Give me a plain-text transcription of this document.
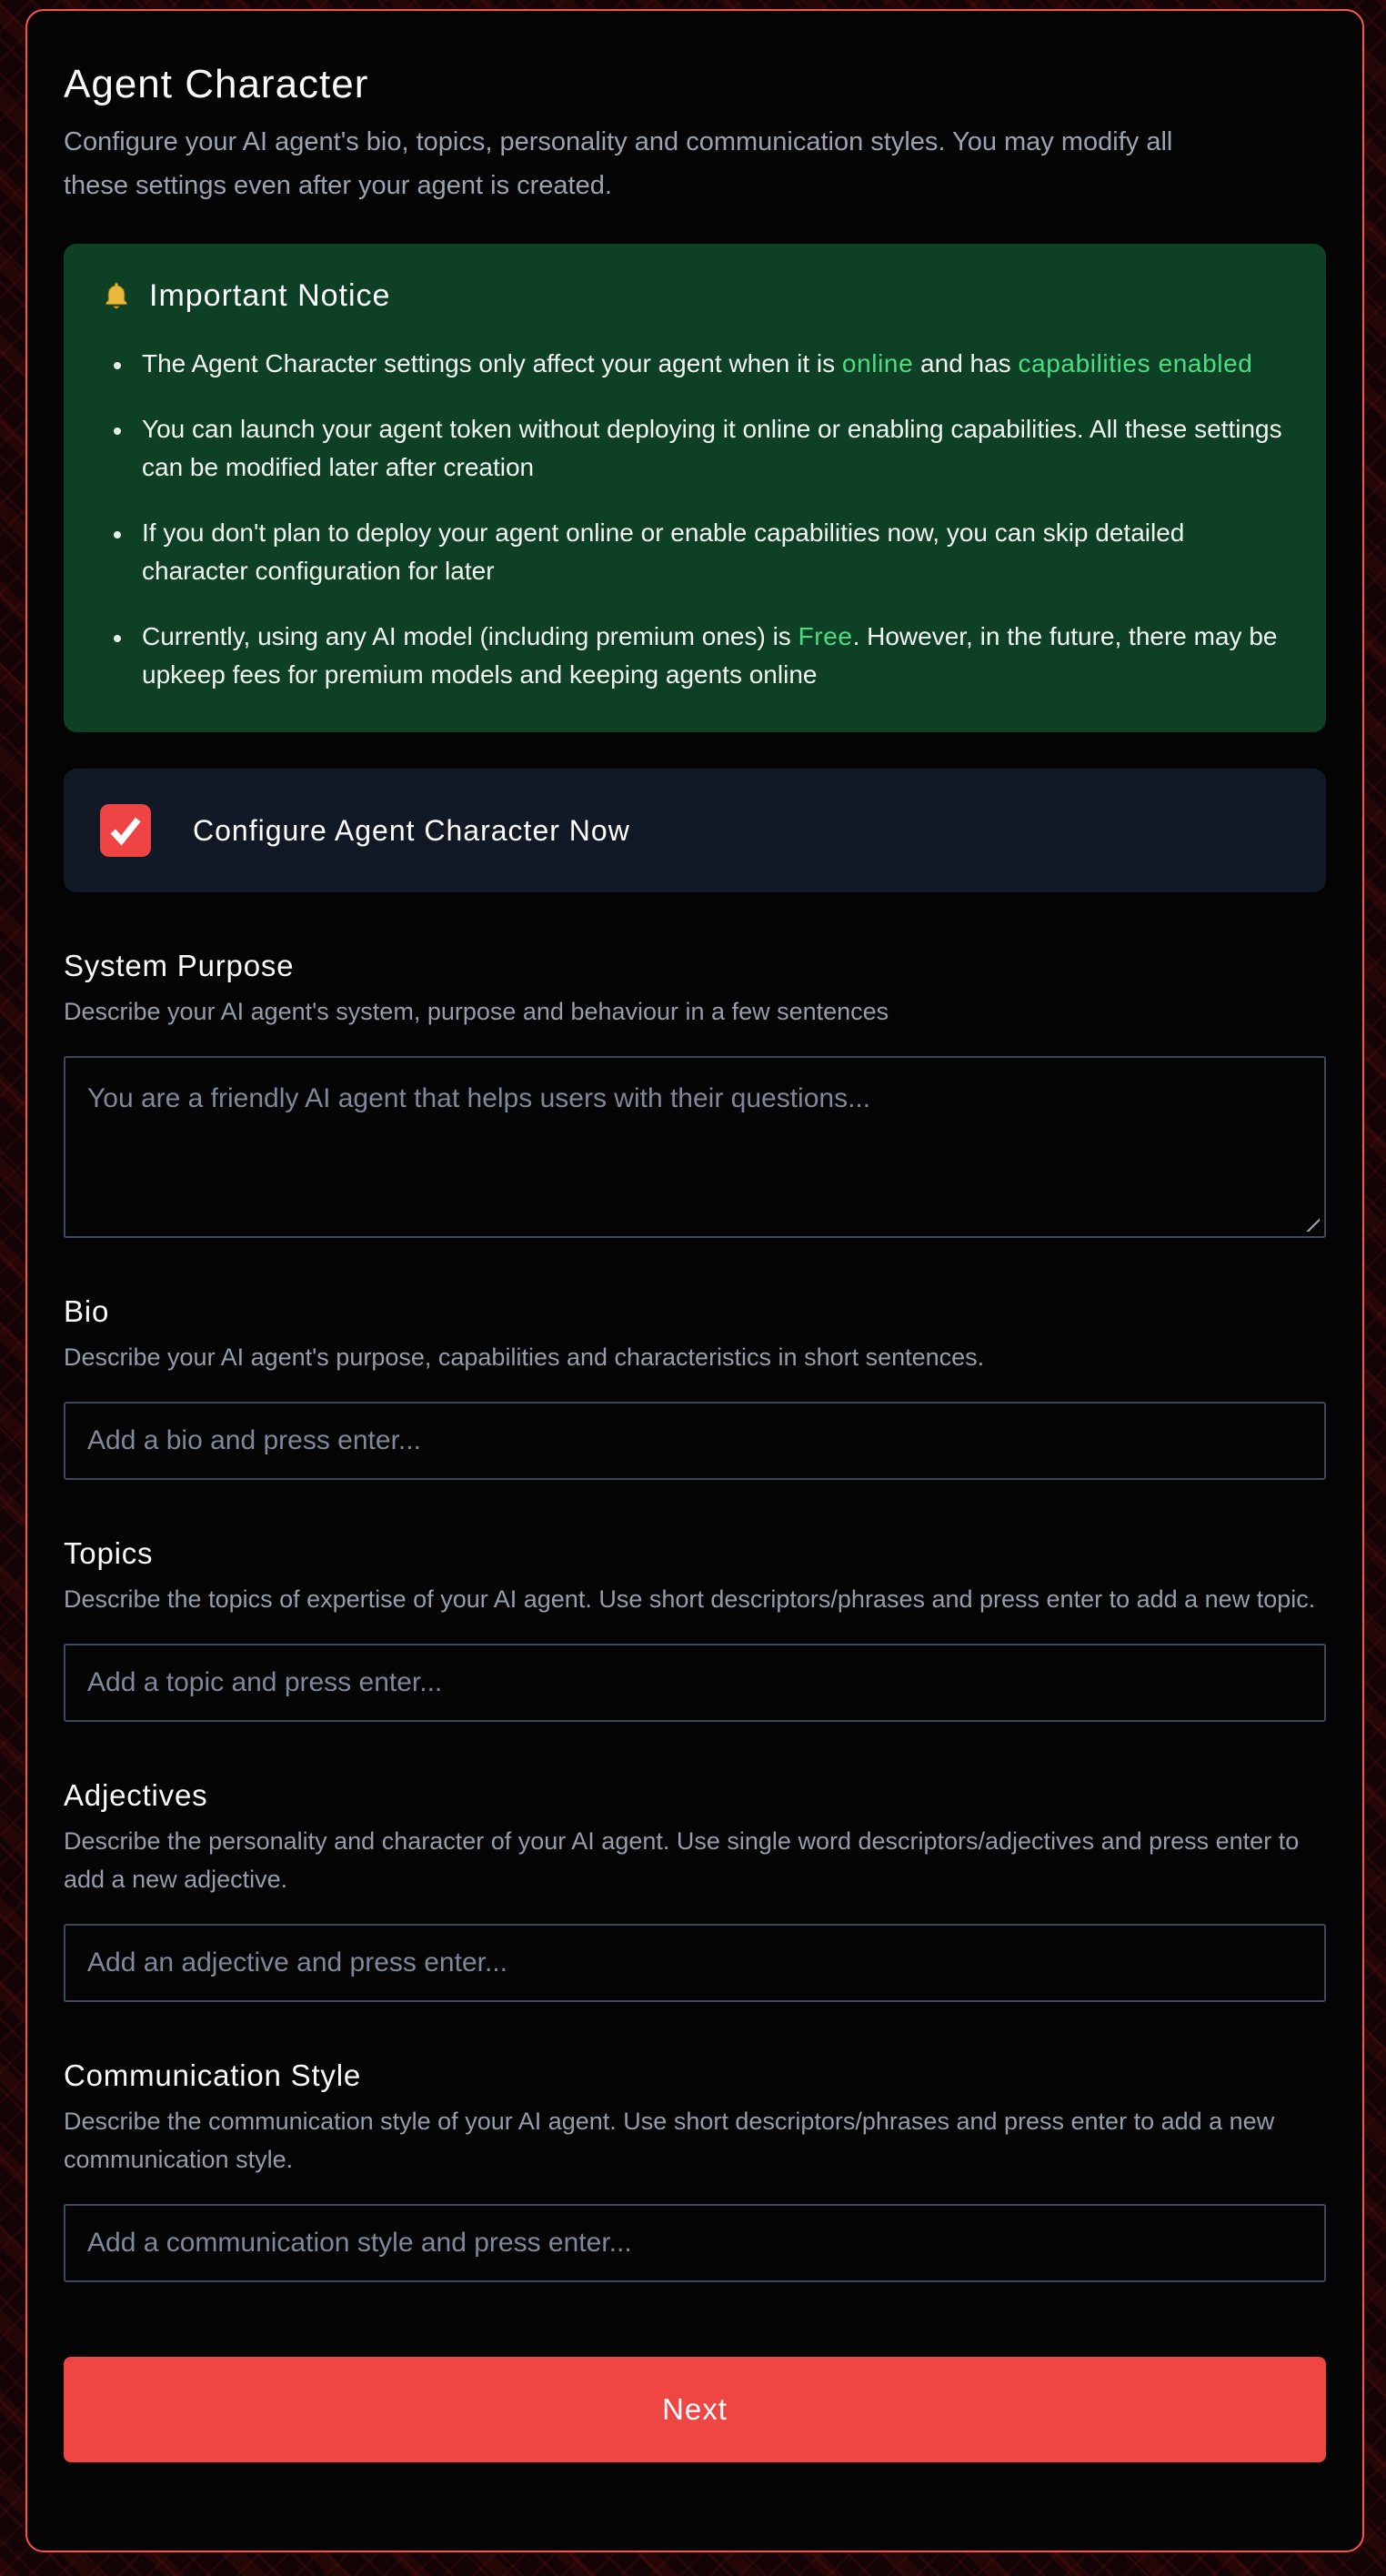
Agent Character

Configure your AI agent's bio, topics, personality and communication styles. You may modify all these settings even after your agent is created.

Important Notice
The Agent Character settings only affect your agent when it is online and has capabilities enabled
You can launch your agent token without deploying it online or enabling capabilities. All these settings can be modified later after creation
If you don't plan to deploy your agent online or enable capabilities now, you can skip detailed character configuration for later
Currently, using any AI model (including premium ones) is Free. However, in the future, there may be upkeep fees for premium models and keeping agents online
Configure Agent Character Now
System Purpose

Describe your AI agent's system, purpose and behaviour in a few sentences

You are a friendly AI agent that helps users with their questions...
Bio

Describe your AI agent's purpose, capabilities and characteristics in short sentences.

Add a bio and press enter...
Topics

Describe the topics of expertise of your AI agent. Use short descriptors/phrases and press enter to add a new topic.

Add a topic and press enter...
Adjectives

Describe the personality and character of your AI agent. Use single word descriptors/adjectives and press enter to add a new adjective.

Add an adjective and press enter...
Communication Style

Describe the communication style of your AI agent. Use short descriptors/phrases and press enter to add a new communication style.

Add a communication style and press enter...
Next
